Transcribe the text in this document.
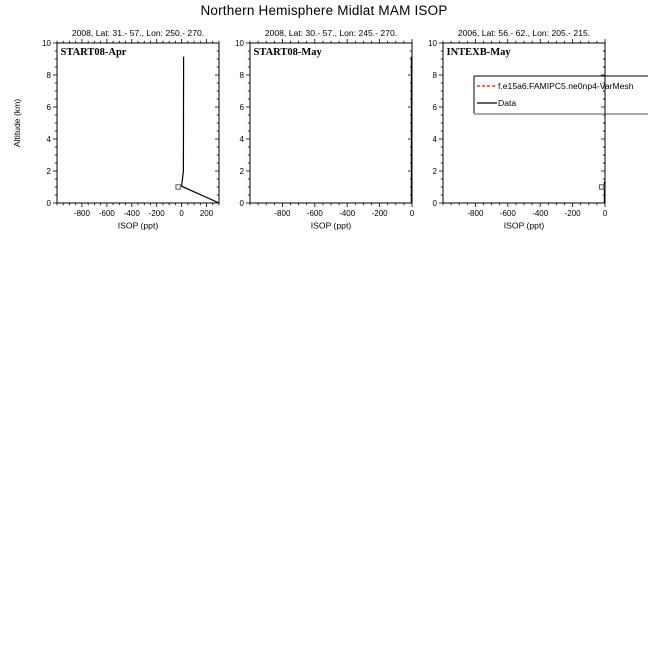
Northern Hemisphere Midlat MAM ISOP
2008, Lat: 31.- 57., Lon: 250.- 270.
-800 -600 -400 -200 0 200
0
2
4
6
8
10
ISOP (ppt)
Altitude (km)
START08-Apr
2008, Lat: 30.- 57., Lon: 245.- 270.
-800 -600 -400 -200	0
0
2
4
6
8
10
ISOP (ppt)
START08-May
2006, Lat: 56.- 62., Lon: 205.- 215.
-800 -600 -400 -200	0
0
2
4
6
8
10
ISOP (ppt)
INTEXB-May
f.e15a6.FAMIPC5.ne0np4-VarMesh
Data
